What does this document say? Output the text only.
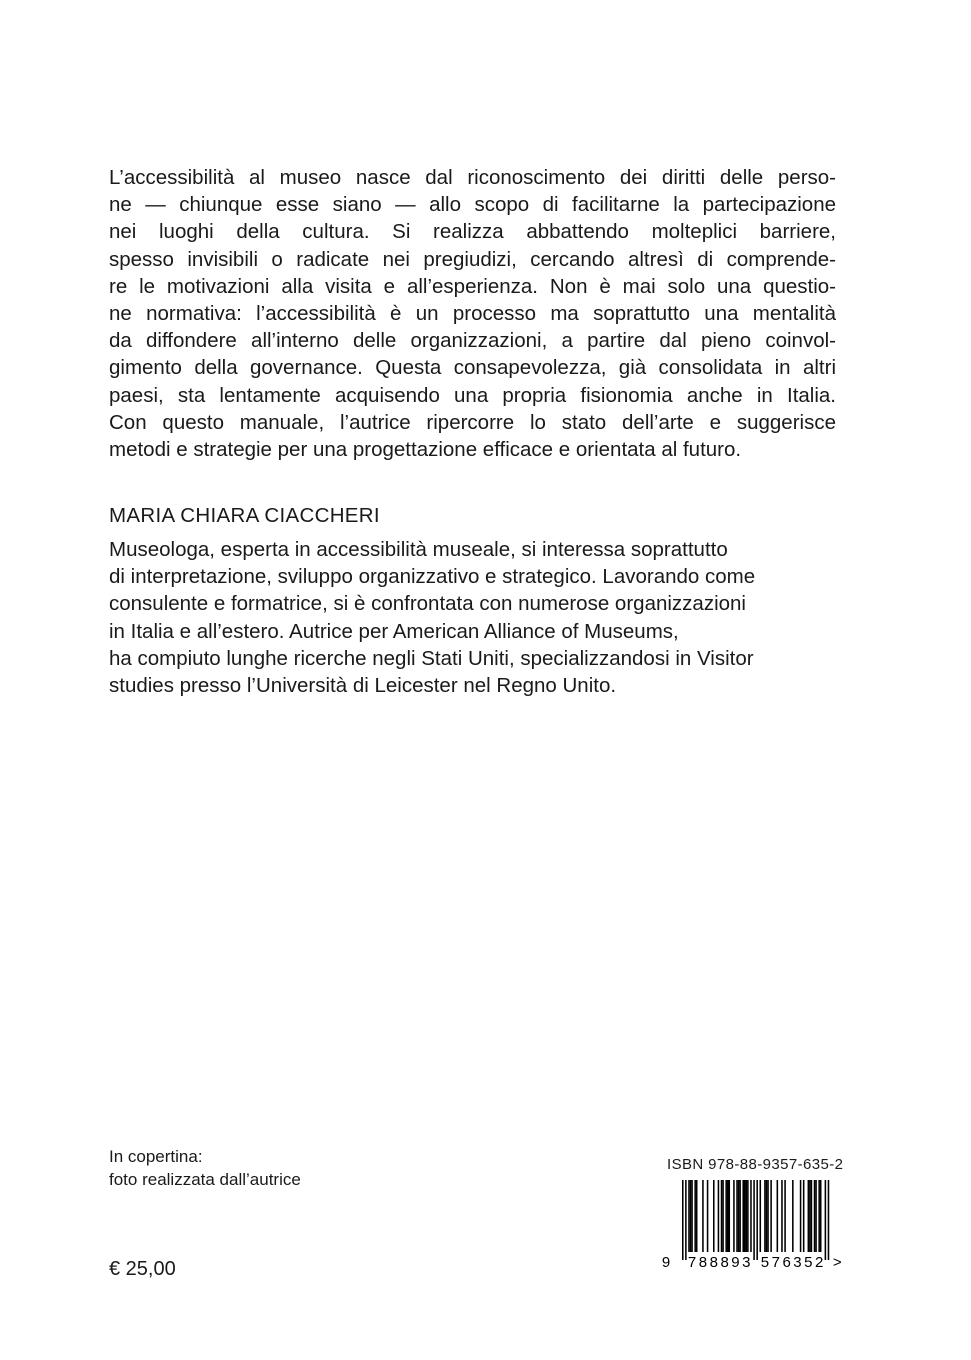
L’accessibilità al museo nasce dal riconoscimento dei diritti delle perso-
ne — chiunque esse siano — allo scopo di facilitarne la partecipazione
nei luoghi della cultura. Si realizza abbattendo molteplici barriere,
spesso invisibili o radicate nei pregiudizi, cercando altresì di comprende-
re le motivazioni alla visita e all’esperienza. Non è mai solo una questio-
ne normativa: l’accessibilità è un processo ma soprattutto una mentalità
da diffondere all’interno delle organizzazioni, a partire dal pieno coinvol-
gimento della governance. Questa consapevolezza, già consolidata in altri
paesi, sta lentamente acquisendo una propria fisionomia anche in Italia.
Con questo manuale, l’autrice ripercorre lo stato dell’arte e suggerisce
metodi e strategie per una progettazione efficace e orientata al futuro.
MARIA CHIARA CIACCHERI
Museologa, esperta in accessibilità museale, si interessa soprattutto
di interpretazione, sviluppo organizzativo e strategico. Lavorando come
consulente e formatrice, si è confrontata con numerose organizzazioni
in Italia e all’estero. Autrice per American Alliance of Museums,
ha compiuto lunghe ricerche negli Stati Uniti, specializzandosi in Visitor
studies presso l’Università di Leicester nel Regno Unito.
In copertina:
foto realizzata dall’autrice
€ 25,00
ISBN 978-88-9357-635-2
9 7 8 8 8 9 3 5 7 6 3 5 2 >
